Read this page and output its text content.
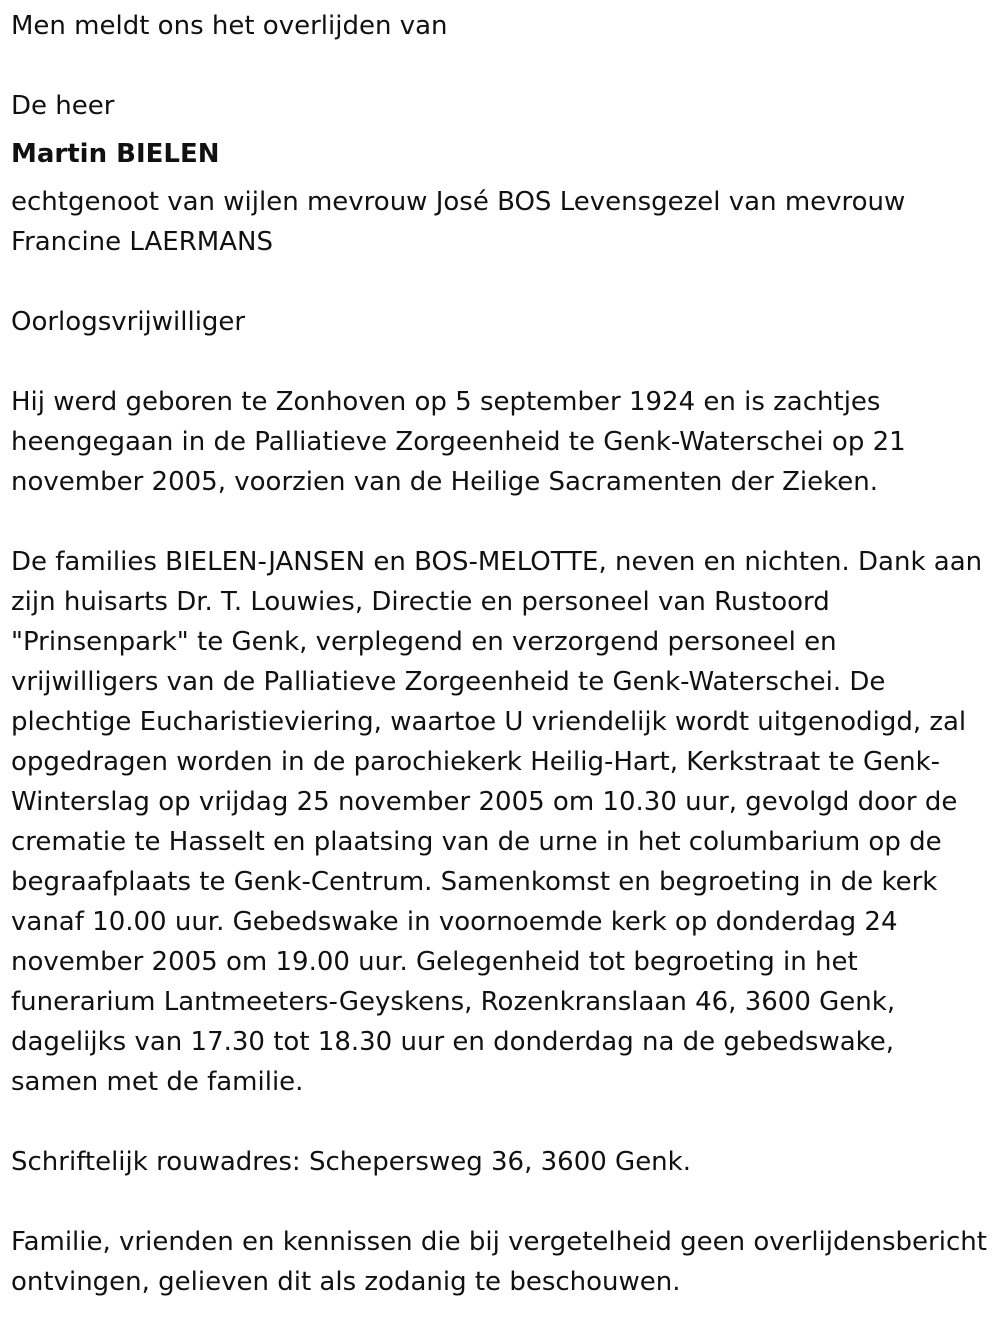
Men meldt ons het overlijden van

De heer

Martin BIELEN

echtgenoot van wijlen mevrouw José BOS Levensgezel van mevrouw Francine LAERMANS

Oorlogsvrijwilliger

Hij werd geboren te Zonhoven op 5 september 1924 en is zachtjes heengegaan in de Palliatieve Zorgeenheid te Genk-Waterschei op 21 november 2005, voorzien van de Heilige Sacramenten der Zieken.

De families BIELEN-JANSEN en BOS-MELOTTE, neven en nichten. Dank aan zijn huisarts Dr. T. Louwies, Directie en personeel van Rustoord "Prinsenpark" te Genk, verplegend en verzorgend personeel en vrijwilligers van de Palliatieve Zorgeenheid te Genk-Waterschei. De plechtige Eucharistieviering, waartoe U vriendelijk wordt uitgenodigd, zal opgedragen worden in de parochiekerk Heilig-Hart, Kerkstraat te Genk-Winterslag op vrijdag 25 november 2005 om 10.30 uur, gevolgd door de crematie te Hasselt en plaatsing van de urne in het columbarium op de begraafplaats te Genk-Centrum. Samenkomst en begroeting in de kerk vanaf 10.00 uur. Gebedswake in voornoemde kerk op donderdag 24 november 2005 om 19.00 uur. Gelegenheid tot begroeting in het funerarium Lantmeeters-Geyskens, Rozenkranslaan 46, 3600 Genk, dagelijks van 17.30 tot 18.30 uur en donderdag na de gebedswake, samen met de familie.

Schriftelijk rouwadres: Schepersweg 36, 3600 Genk.

Familie, vrienden en kennissen die bij vergetelheid geen overlijdensbericht ontvingen, gelieven dit als zodanig te beschouwen.
